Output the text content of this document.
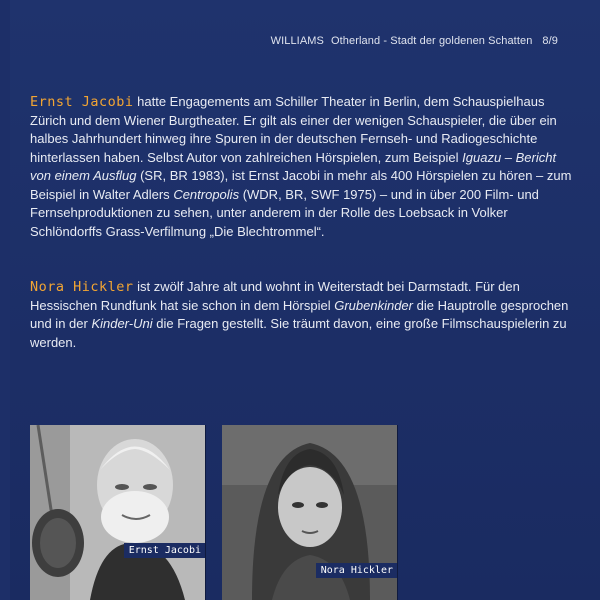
WILLIAMS Otherland - Stadt der goldenen Schatten 8/9

Ernst Jacobi hatte Engagements am Schiller Theater in Berlin, dem Schauspielhaus Zürich und dem Wiener Burgtheater. Er gilt als einer der wenigen Schauspieler, die über ein halbes Jahrhundert hinweg ihre Spuren in der deutschen Fernseh- und Radiogeschichte hinterlassen haben. Selbst Autor von zahlreichen Hörspielen, zum Beispiel Iguazu – Bericht von einem Ausflug (SR, BR 1983), ist Ernst Jacobi in mehr als 400 Hörspielen zu hören – zum Beispiel in Walter Adlers Centropolis (WDR, BR, SWF 1975) – und in über 200 Film- und Fernsehproduktionen zu sehen, unter anderem in der Rolle des Loebsack in Volker Schlöndorffs Grass-Verfilmung „Die Blechtrommel“.

Nora Hickler ist zwölf Jahre alt und wohnt in Weiterstadt bei Darmstadt. Für den Hessischen Rundfunk hat sie schon in dem Hörspiel Grubenkinder die Hauptrolle gesprochen und in der Kinder-Uni die Fragen gestellt. Sie träumt davon, eine große Filmschauspielerin zu werden.

Ernst Jacobi
Nora Hickler
